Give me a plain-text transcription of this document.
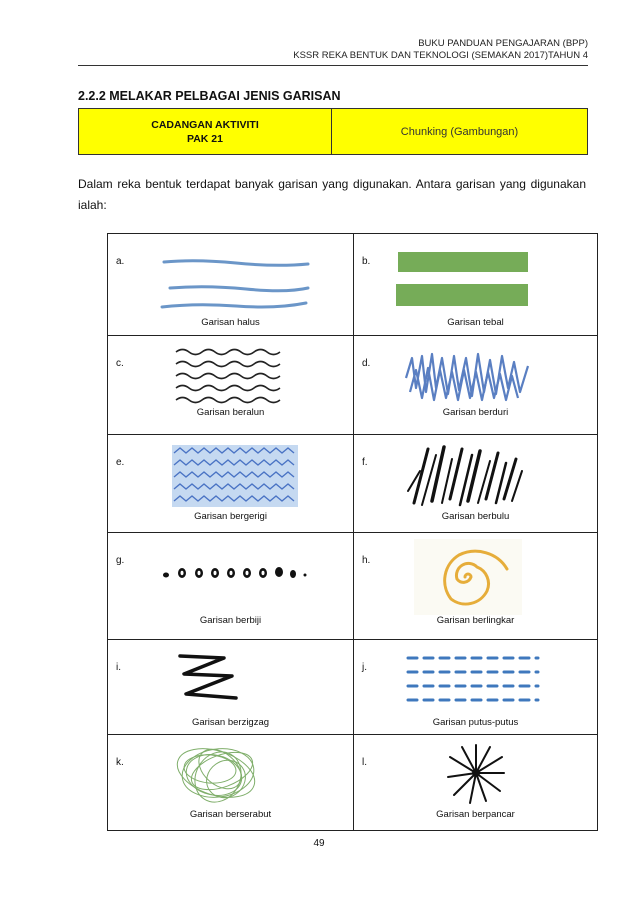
BUKU PANDUAN PENGAJARAN (BPP)
KSSR REKA BENTUK DAN TEKNOLOGI (SEMAKAN 2017)TAHUN 4
2.2.2 MELAKAR PELBAGAI JENIS GARISAN
CADANGAN AKTIVITI
PAK 21
Chunking (Gambungan)
Dalam reka bentuk terdapat banyak garisan yang digunakan. Antara garisan yang digunakan ialah:
a.
Garisan halus
b.
Garisan tebal
c.
Garisan beralun
d.
Garisan berduri
e.
Garisan bergerigi
f.
Garisan berbulu
g.
Garisan berbiji
h.
Garisan berlingkar
i.
Garisan berzigzag
j.
Garisan putus-putus
k.
Garisan berserabut
l.
Garisan berpancar
49
